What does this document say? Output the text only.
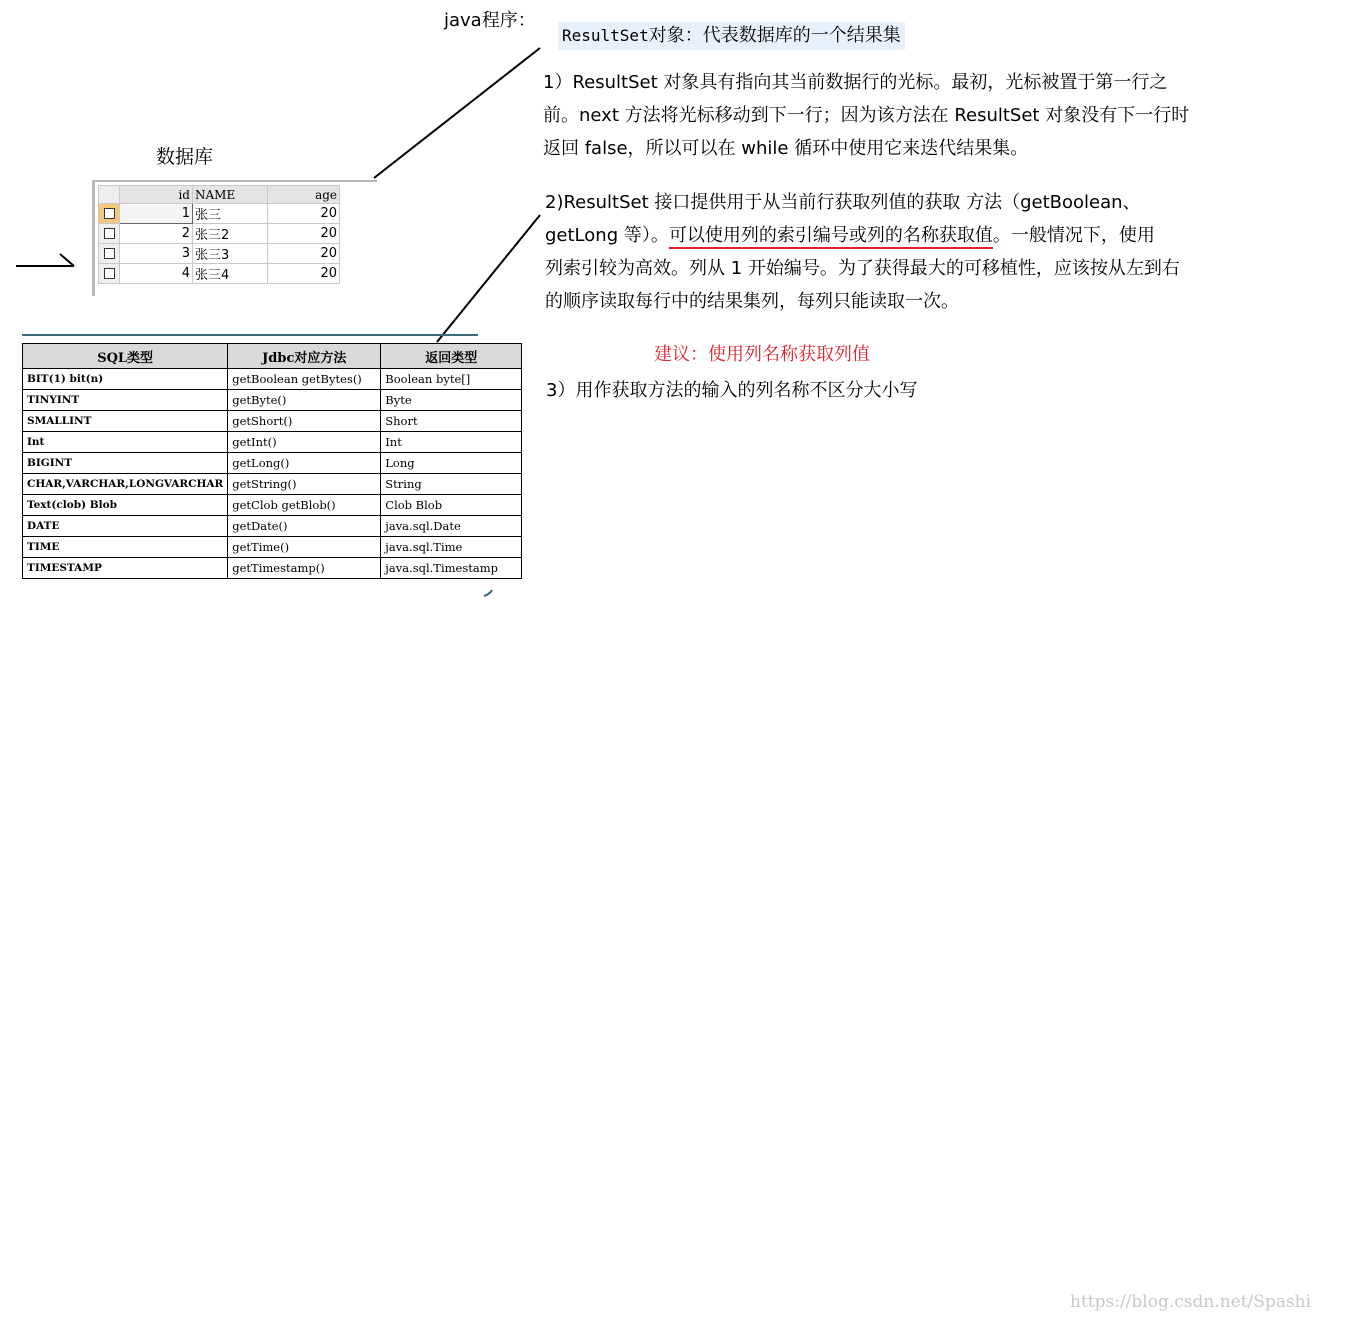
java程序：
ResultSet对象：代表数据库的一个结果集
1）ResultSet 对象具有指向其当前数据行的光标。最初，光标被置于第一行之
前。next 方法将光标移动到下一行；因为该方法在 ResultSet 对象没有下一行时
返回 false，所以可以在 while 循环中使用它来迭代结果集。
2)ResultSet 接口提供用于从当前行获取列值的获取 方法（getBoolean、
getLong 等）。可以使用列的索引编号或列的名称获取值。一般情况下，使用
列索引较为高效。列从 1 开始编号。为了获得最大的可移植性，应该按从左到右
的顺序读取每行中的结果集列，每列只能读取一次。
建议：使用列名称获取列值
3）用作获取方法的输入的列名称不区分大小写
数据库
	id	NAME	age
	1	张三	20
	2	张三2	20
	3	张三3	20
	4	张三4	20
SQL类型	Jdbc对应方法	返回类型
BIT(1) bit(n)	getBoolean getBytes()	Boolean byte[]
TINYINT	getByte()	Byte
SMALLINT	getShort()	Short
Int	getInt()	Int
BIGINT	getLong()	Long
CHAR,VARCHAR,LONGVARCHAR	getString()	String
Text(clob) Blob	getClob getBlob()	Clob Blob
DATE	getDate()	java.sql.Date
TIME	getTime()	java.sql.Time
TIMESTAMP	getTimestamp()	java.sql.Timestamp
https://blog.csdn.net/Spashi
